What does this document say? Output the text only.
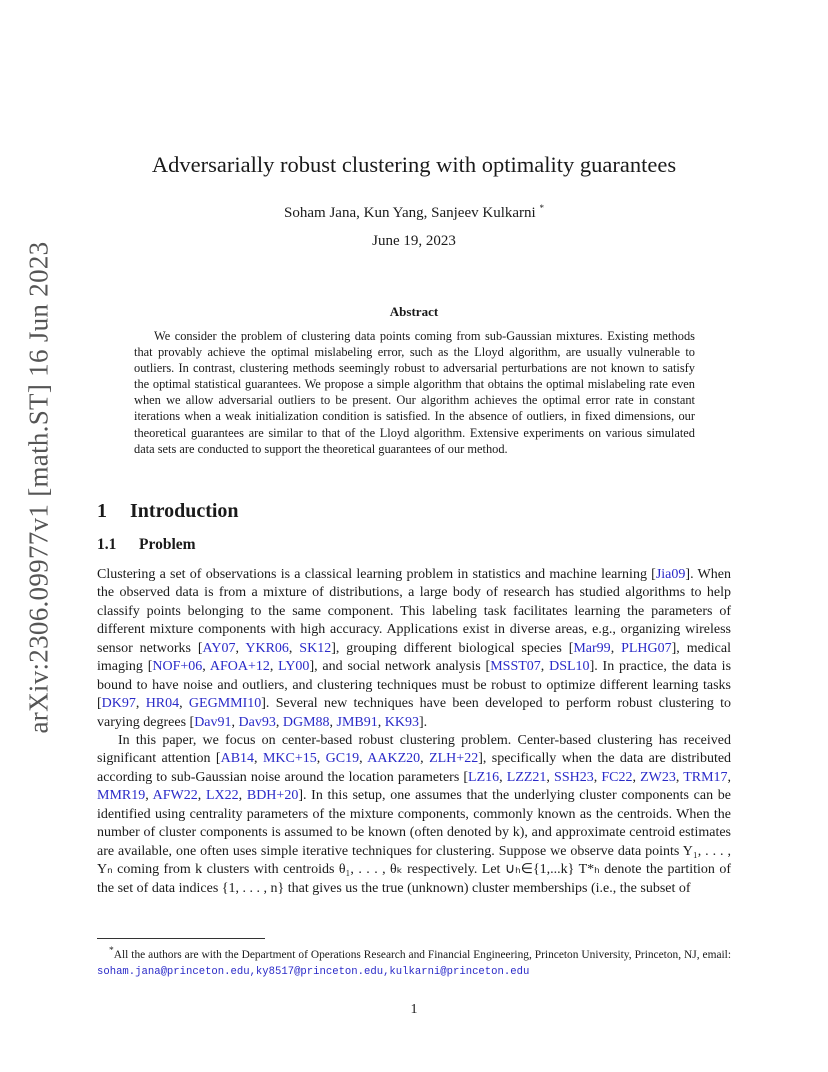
arXiv:2306.09977v1 [math.ST] 16 Jun 2023
Adversarially robust clustering with optimality guarantees
Soham Jana, Kun Yang, Sanjeev Kulkarni *
June 19, 2023
Abstract
We consider the problem of clustering data points coming from sub-Gaussian mixtures. Existing methods that provably achieve the optimal mislabeling error, such as the Lloyd algorithm, are usually vulnerable to outliers. In contrast, clustering methods seemingly robust to adversarial perturbations are not known to satisfy the optimal statistical guarantees. We propose a simple algorithm that obtains the optimal mislabeling rate even when we allow adversarial outliers to be present. Our algorithm achieves the optimal error rate in constant iterations when a weak initialization condition is satisfied. In the absence of outliers, in fixed dimensions, our theoretical guarantees are similar to that of the Lloyd algorithm. Extensive experiments on various simulated data sets are conducted to support the theoretical guarantees of our method.
1 Introduction
1.1 Problem
Clustering a set of observations is a classical learning problem in statistics and machine learning [Jia09]. When the observed data is from a mixture of distributions, a large body of research has studied algorithms to help classify points belonging to the same component. This labeling task facilitates learning the parameters of different mixture components with high accuracy. Applications exist in diverse areas, e.g., organizing wireless sensor networks [AY07, YKR06, SK12], grouping different biological species [Mar99, PLHG07], medical imaging [NOF+06, AFOA+12, LY00], and social network analysis [MSST07, DSL10]. In practice, the data is bound to have noise and outliers, and clustering techniques must be robust to optimize different learning tasks [DK97, HR04, GEGMMI10]. Several new techniques have been developed to perform robust clustering to varying degrees [Dav91, Dav93, DGM88, JMB91, KK93].
In this paper, we focus on center-based robust clustering problem. Center-based clustering has received significant attention [AB14, MKC+15, GC19, AAKZ20, ZLH+22], specifically when the data are distributed according to sub-Gaussian noise around the location parameters [LZ16, LZZ21, SSH23, FC22, ZW23, TRM17, MMR19, AFW22, LX22, BDH+20]. In this setup, one assumes that the underlying cluster components can be identified using centrality parameters of the mixture components, commonly known as the centroids. When the number of cluster components is assumed to be known (often denoted by k), and approximate centroid estimates are available, one often uses simple iterative techniques for clustering. Suppose we observe data points Y₁, . . . , Yₙ coming from k clusters with centroids θ₁, . . . , θₖ respectively. Let ∪ₕ∈{1,...k} T*ₕ denote the partition of the set of data indices {1, . . . , n} that gives us the true (unknown) cluster memberships (i.e., the subset of
*All the authors are with the Department of Operations Research and Financial Engineering, Princeton University, Princeton, NJ, email: soham.jana@princeton.edu,ky8517@princeton.edu,kulkarni@princeton.edu
1
